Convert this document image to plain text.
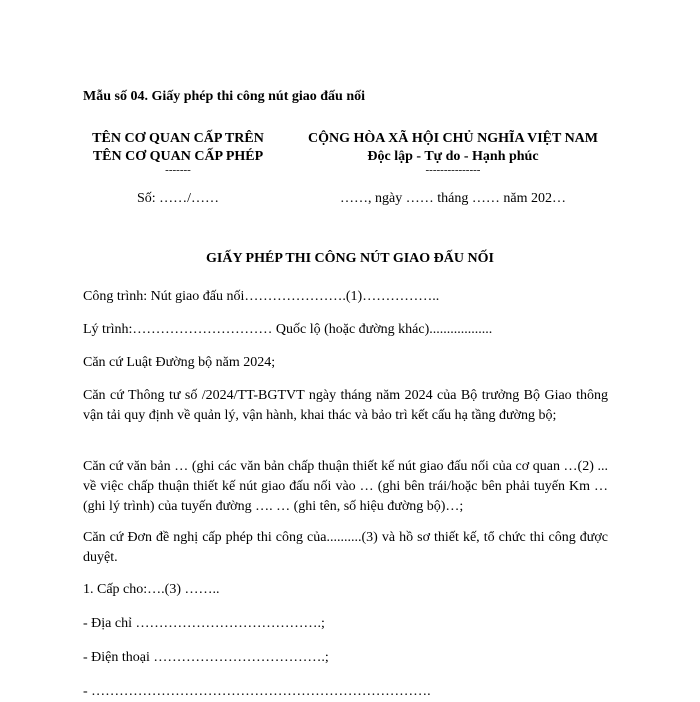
Mẫu số 04. Giấy phép thi công nút giao đấu nối
TÊN CƠ QUAN CẤP TRÊN
TÊN CƠ QUAN CẤP PHÉP
-------
Số: ……/……
CỘNG HÒA XÃ HỘI CHỦ NGHĨA VIỆT NAM
Độc lập - Tự do - Hạnh phúc
---------------
……, ngày …… tháng …… năm 202…
GIẤY PHÉP THI CÔNG NÚT GIAO ĐẤU NỐI
Công trình: Nút giao đấu nối………………….(1)……………..
Lý trình:………………………… Quốc lộ (hoặc đường khác)..................
Căn cứ Luật Đường bộ năm 2024;
Căn cứ Thông tư số /2024/TT-BGTVT ngày tháng năm 2024 của Bộ trưởng Bộ Giao thông vận tải quy định về quản lý, vận hành, khai thác và bảo trì kết cấu hạ tầng đường bộ;
Căn cứ văn bản … (ghi các văn bản chấp thuận thiết kế nút giao đấu nối của cơ quan …(2) ... về việc chấp thuận thiết kế nút giao đấu nối vào … (ghi bên trái/hoặc bên phải tuyến Km … (ghi lý trình) của tuyến đường …. … (ghi tên, số hiệu đường bộ)…;
Căn cứ Đơn đề nghị cấp phép thi công của..........(3) và hồ sơ thiết kế, tổ chức thi công được duyệt.
1. Cấp cho:….(3) ……..
- Địa chỉ ………………………………….;
- Điện thoại ……………………………….;
- ……………………………………………………………….
